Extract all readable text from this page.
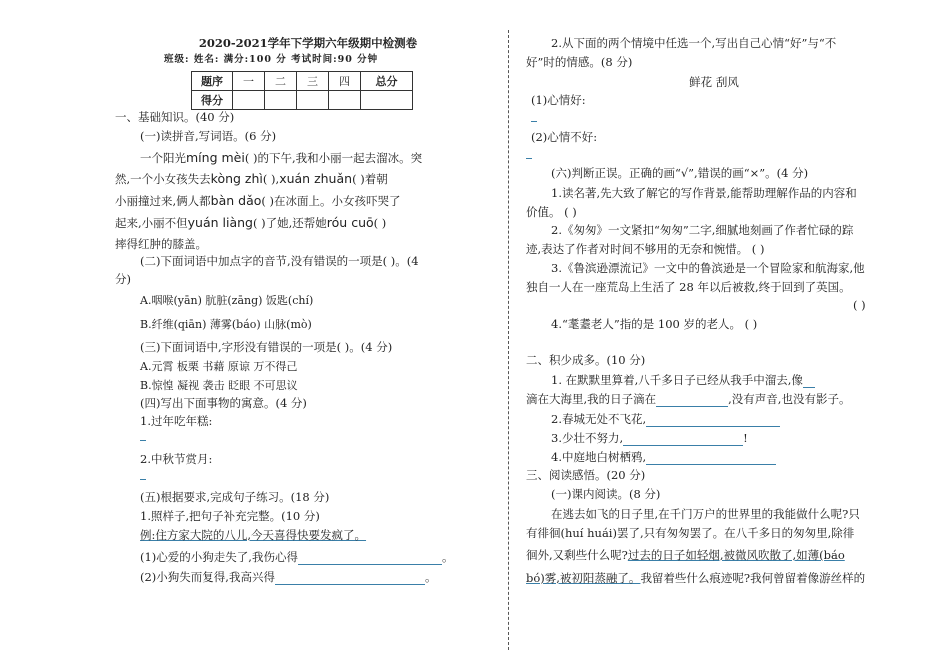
2020-2021学年下学期六年级期中检测卷
班级: 姓名: 满分:100 分 考试时间:90 分钟
一、基础知识。(40 分)
(一)读拼音,写词语。(6 分)
一个阳光míng mèi( )的下午,我和小丽一起去溜冰。突
然,一个小女孩失去kòng zhì( ),xuán zhuǎn( )着朝
小丽撞过来,俩人都bàn dǎo( )在冰面上。小女孩吓哭了
起来,小丽不但yuán liàng( )了她,还帮她róu cuō( )
摔得红肿的膝盖。
(二)下面词语中加点字的音节,没有错误的一项是( )。(4
分)
A.咽喉(yān) 肮脏(zāng) 饭匙(chí)
B.纤维(qiān) 薄雾(báo) 山脉(mò)
(三)下面词语中,字形没有错误的一项是( )。(4 分)
A.元霄 板栗 书藉 原谅 万不得己
B.惊惶 凝视 袭击 眨眼 不可思议
(四)写出下面事物的寓意。(4 分)
1.过年吃年糕:
2.中秋节赏月:
(五)根据要求,完成句子练习。(18 分)
1.照样子,把句子补充完整。(10 分)
例:住方家大院的八儿,今天喜得快要发疯了。
(1)心爱的小狗走失了,我伤心得	。
(2)小狗失而复得,我高兴得	。
题序	一	二	三	四	总分
得分					
2.从下面的两个情境中任选一个,写出自己心情“好”与“不
好”时的情感。(8 分)
鲜花 刮风
(1)心情好:
(2)心情不好:
(六)判断正误。正确的画“√”,错误的画“×”。(4 分)
1.读名著,先大致了解它的写作背景,能帮助理解作品的内容和
价值。 ( )
2.《匆匆》一文紧扣“匆匆”二字,细腻地刻画了作者忙碌的踪
迹,表达了作者对时间不够用的无奈和惋惜。 ( )
3.《鲁滨逊漂流记》一文中的鲁滨逊是一个冒险家和航海家,他
独自一人在一座荒岛上生活了 28 年以后被救,终于回到了英国。
( )
4.“耄耋老人”指的是 100 岁的老人。 ( )
二、积少成多。(10 分)
1. 在默默里算着,八千多日子已经从我手中溜去,像
滴在大海里,我的日子滴在	,没有声音,也没有影子。
2.春城无处不飞花,
3.少壮不努力,	!
4.中庭地白树栖鸦,
三、阅读感悟。(20 分)
(一)课内阅读。(8 分)
在逃去如飞的日子里,在千门万户的世界里的我能做什么呢?只
有徘徊(huí huái)罢了,只有匆匆罢了。在八千多日的匆匆里,除徘
徊外,又剩些什么呢?过去的日子如轻烟,被微风吹散了,如薄(báo
bó)雾,被初阳蒸融了。我留着些什么痕迹呢?我何曾留着像游丝样的
